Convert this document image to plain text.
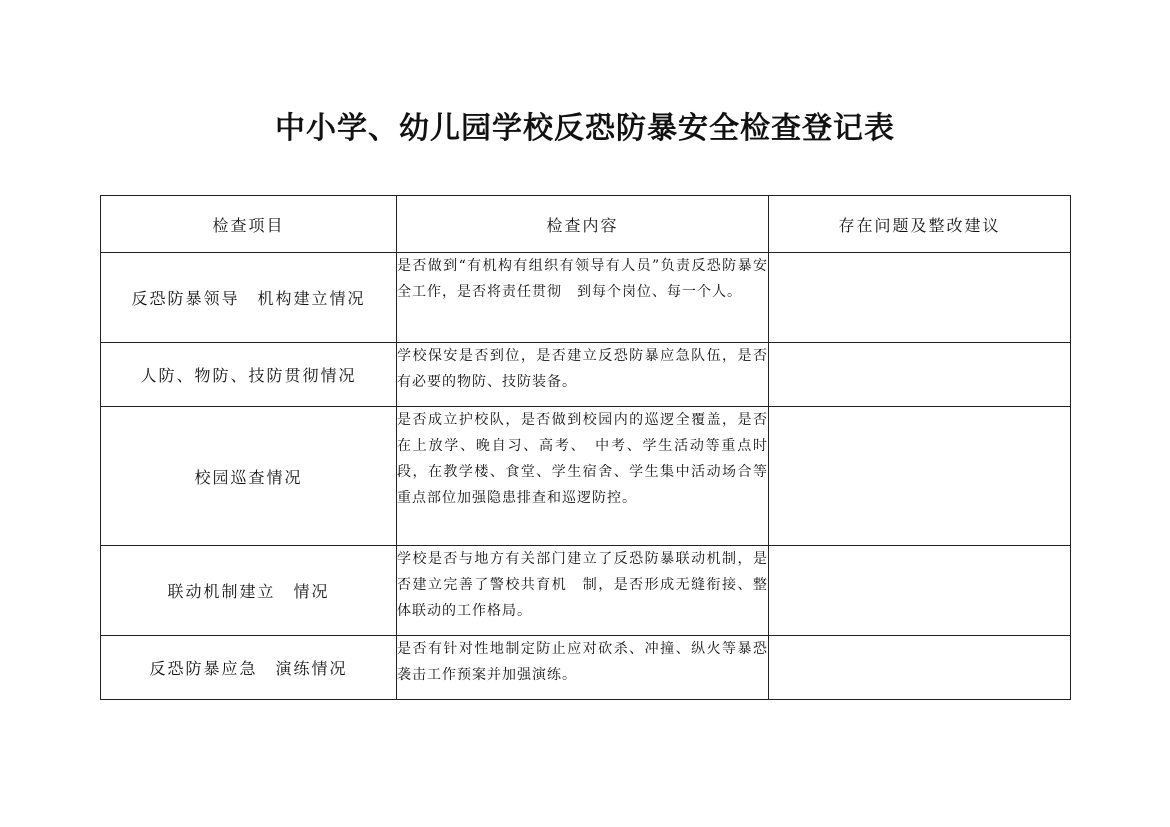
中小学、幼儿园学校反恐防暴安全检查登记表
检查项目	检查内容	存在问题及整改建议
反恐防暴领导　机构建立情况	是否做到“有机构有组织有领导有人员”负责反恐防暴安全工作，是否将责任贯彻　到每个岗位、每一个人。	
人防、物防、技防贯彻情况	学校保安是否到位，是否建立反恐防暴应急队伍，是否有必要的物防、技防装备。	
校园巡查情况	是否成立护校队，是否做到校园内的巡逻全覆盖，是否在上放学、晚自习、高考、　中考、学生活动等重点时段，在教学楼、食堂、学生宿舍、学生集中活动场合等　重点部位加强隐患排查和巡逻防控。	
联动机制建立　情况	学校是否与地方有关部门建立了反恐防暴联动机制，是否建立完善了警校共育机　制，是否形成无缝衔接、整体联动的工作格局。	
反恐防暴应急　演练情况	是否有针对性地制定防止应对砍杀、冲撞、纵火等暴恐袭击工作预案并加强演练。	
